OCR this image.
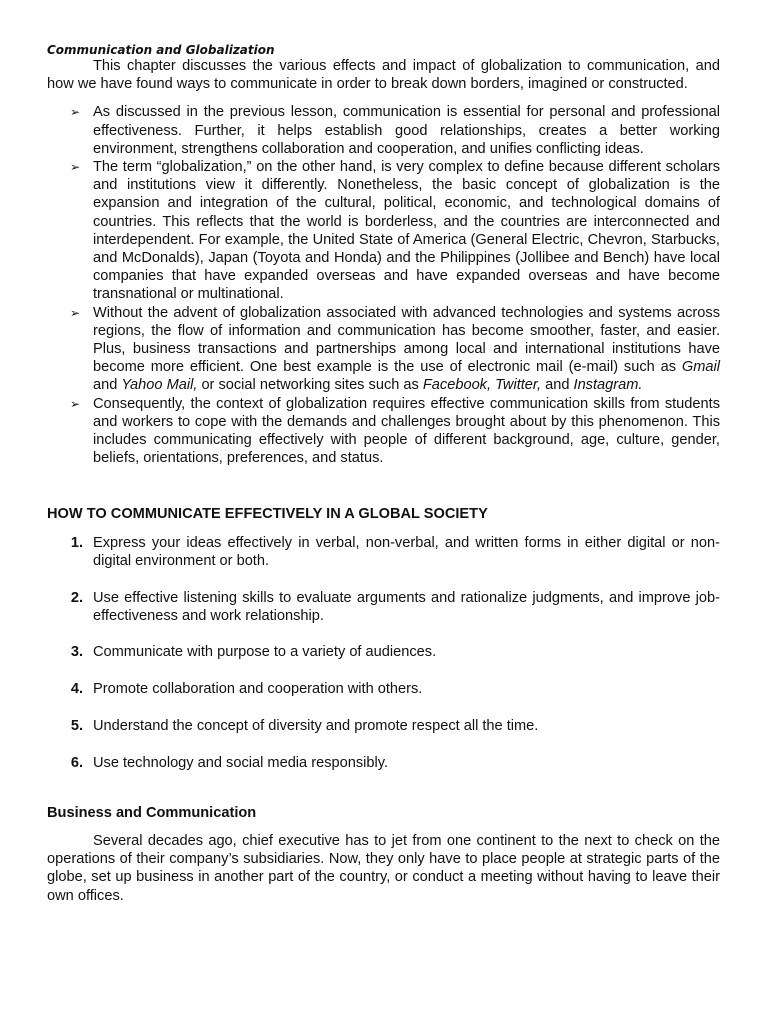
Communication and Globalization

This chapter discusses the various effects and impact of globalization to communication, and how we have found ways to communicate in order to break down borders, imagined or constructed.

➢ As discussed in the previous lesson, communication is essential for personal and professional effectiveness. Further, it helps establish good relationships, creates a better working environment, strengthens collaboration and cooperation, and unifies conflicting ideas.
➢ The term “globalization,” on the other hand, is very complex to define because different scholars and institutions view it differently. Nonetheless, the basic concept of globalization is the expansion and integration of the cultural, political, economic, and technological domains of countries. This reflects that the world is borderless, and the countries are interconnected and interdependent. For example, the United State of America (General Electric, Chevron, Starbucks, and McDonalds), Japan (Toyota and Honda) and the Philippines (Jollibee and Bench) have local companies that have expanded overseas and have expanded overseas and have become transnational or multinational.
➢ Without the advent of globalization associated with advanced technologies and systems across regions, the flow of information and communication has become smoother, faster, and easier. Plus, business transactions and partnerships among local and international institutions have become more efficient. One best example is the use of electronic mail (e-mail) such as Gmail and Yahoo Mail, or social networking sites such as Facebook, Twitter, and Instagram.
➢ Consequently, the context of globalization requires effective communication skills from students and workers to cope with the demands and challenges brought about by this phenomenon. This includes communicating effectively with people of different background, age, culture, gender, beliefs, orientations, preferences, and status.

HOW TO COMMUNICATE EFFECTIVELY IN A GLOBAL SOCIETY

1. Express your ideas effectively in verbal, non-verbal, and written forms in either digital or non-digital environment or both.
2. Use effective listening skills to evaluate arguments and rationalize judgments, and improve job-effectiveness and work relationship.
3. Communicate with purpose to a variety of audiences.
4. Promote collaboration and cooperation with others.
5. Understand the concept of diversity and promote respect all the time.
6. Use technology and social media responsibly.

Business and Communication

Several decades ago, chief executive has to jet from one continent to the next to check on the operations of their company’s subsidiaries. Now, they only have to place people at strategic parts of the globe, set up business in another part of the country, or conduct a meeting without having to leave their own offices.
